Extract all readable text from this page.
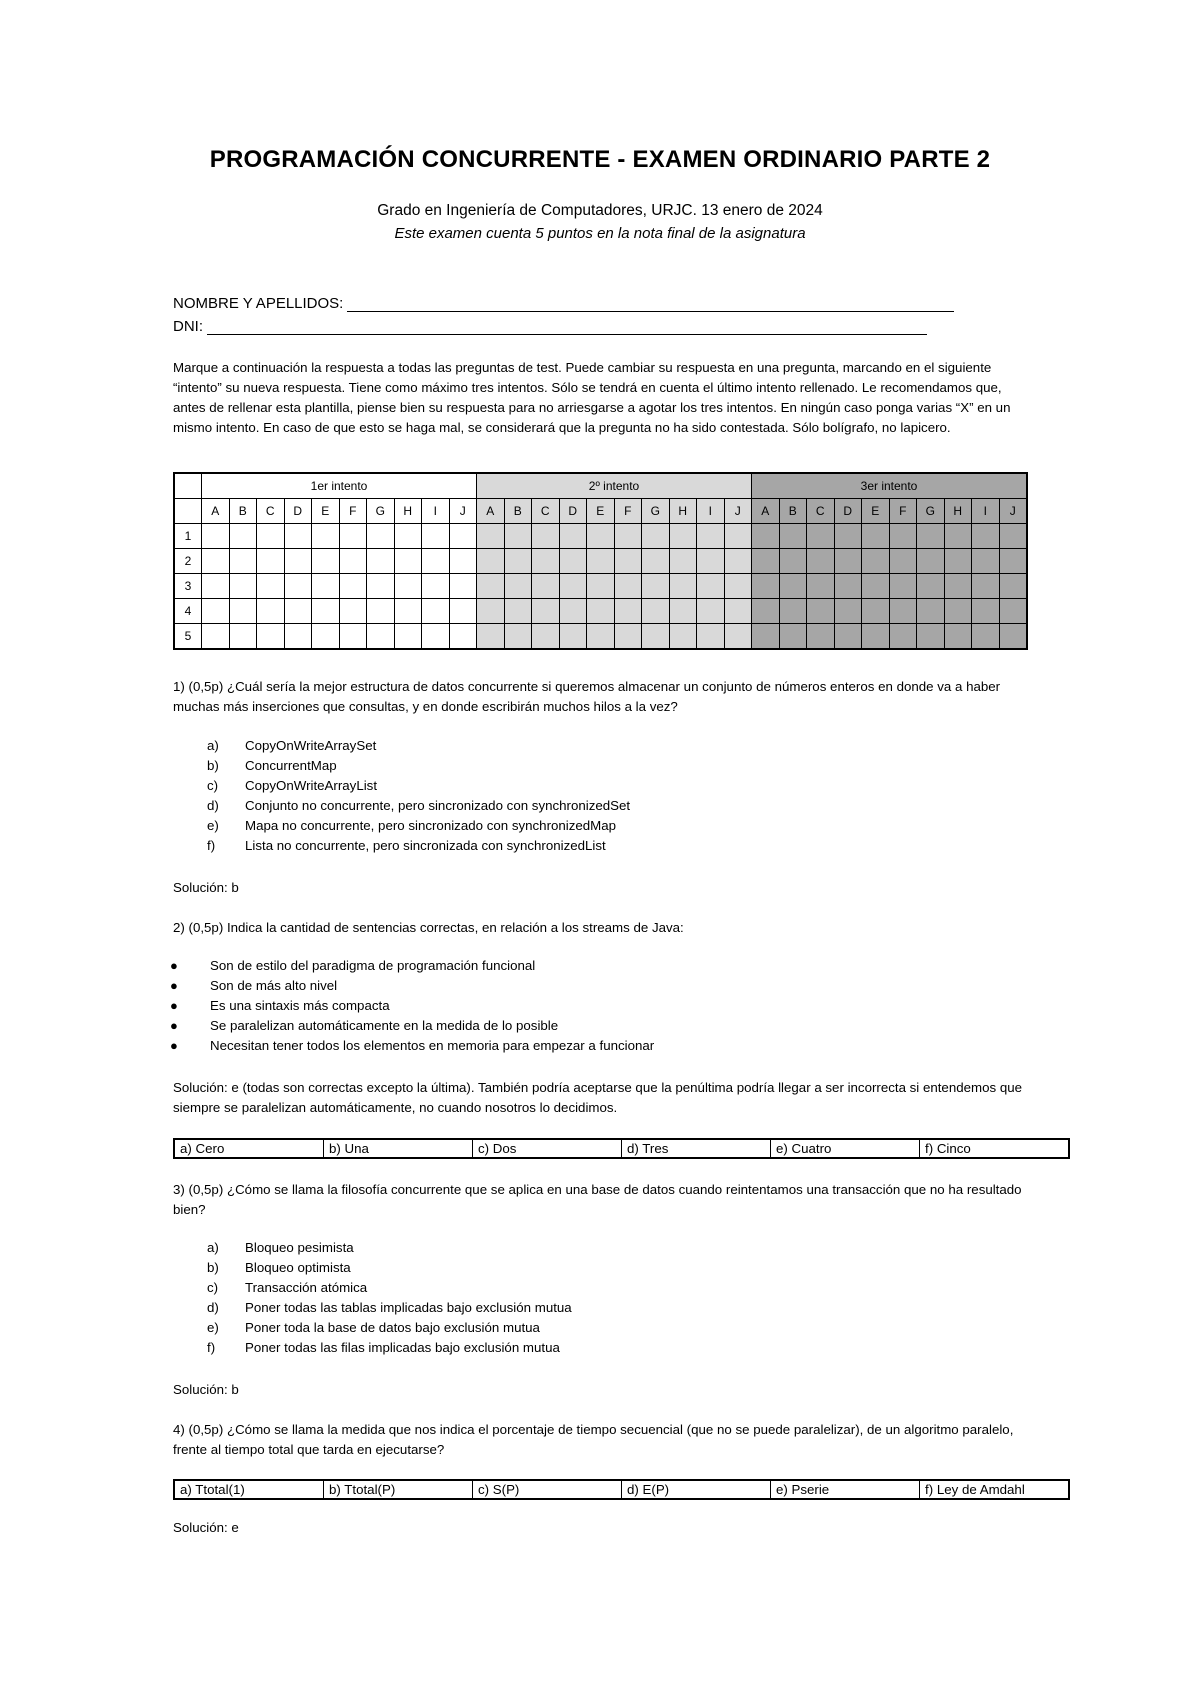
PROGRAMACIÓN CONCURRENTE - EXAMEN ORDINARIO PARTE 2
Grado en Ingeniería de Computadores, URJC. 13 enero de 2024
Este examen cuenta 5 puntos en la nota final de la asignatura
NOMBRE Y APELLIDOS:
DNI:
Marque a continuación la respuesta a todas las preguntas de test. Puede cambiar su respuesta en una pregunta, marcando en el siguiente “intento” su nueva respuesta. Tiene como máximo tres intentos. Sólo se tendrá en cuenta el último intento rellenado. Le recomendamos que, antes de rellenar esta plantilla, piense bien su respuesta para no arriesgarse a agotar los tres intentos. En ningún caso ponga varias “X” en un mismo intento. En caso de que esto se haga mal, se considerará que la pregunta no ha sido contestada. Sólo bolígrafo, no lapicero.
	1er intento										2º intento										3er intento									
	A	B	C	D	E	F	G	H	I	J	A	B	C	D	E	F	G	H	I	J	A	B	C	D	E	F	G	H	I	J
1																														
2																														
3																														
4																														
5																														
1) (0,5p) ¿Cuál sería la mejor estructura de datos concurrente si queremos almacenar un conjunto de números enteros en donde va a haber muchas más inserciones que consultas, y en donde escribirán muchos hilos a la vez?
a) CopyOnWriteArraySet
b) ConcurrentMap
c) CopyOnWriteArrayList
d) Conjunto no concurrente, pero sincronizado con synchronizedSet
e) Mapa no concurrente, pero sincronizado con synchronizedMap
f) Lista no concurrente, pero sincronizada con synchronizedList
Solución: b
2) (0,5p) Indica la cantidad de sentencias correctas, en relación a los streams de Java:
● Son de estilo del paradigma de programación funcional
● Son de más alto nivel
● Es una sintaxis más compacta
● Se paralelizan automáticamente en la medida de lo posible
● Necesitan tener todos los elementos en memoria para empezar a funcionar
Solución: e (todas son correctas excepto la última). También podría aceptarse que la penúltima podría llegar a ser incorrecta si entendemos que siempre se paralelizan automáticamente, no cuando nosotros lo decidimos.
a) Cero	b) Una	c) Dos	d) Tres	e) Cuatro	f) Cinco
3) (0,5p) ¿Cómo se llama la filosofía concurrente que se aplica en una base de datos cuando reintentamos una transacción que no ha resultado bien?
a) Bloqueo pesimista
b) Bloqueo optimista
c) Transacción atómica
d) Poner todas las tablas implicadas bajo exclusión mutua
e) Poner toda la base de datos bajo exclusión mutua
f) Poner todas las filas implicadas bajo exclusión mutua
Solución: b
4) (0,5p) ¿Cómo se llama la medida que nos indica el porcentaje de tiempo secuencial (que no se puede paralelizar), de un algoritmo paralelo, frente al tiempo total que tarda en ejecutarse?
a) Ttotal(1)	b) Ttotal(P)	c) S(P)	d) E(P)	e) Pserie	f) Ley de Amdahl
Solución: e
